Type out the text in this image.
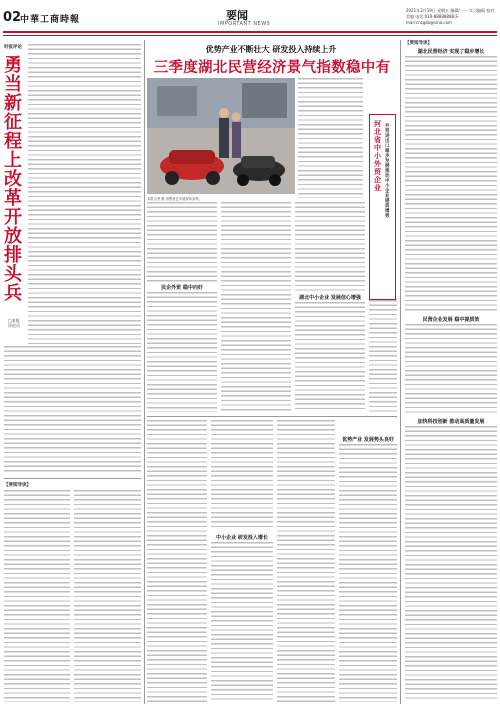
02
中華工商時報	要闻
IMPORTANT NEWS
2021年3月19日 星期五 编辑/一一 实习编辑 校对 美编 电话:010-88888888 E-mail:cnzgsb@sina.com
时报评论
勇当新征程上改革开放排头兵
□本报评论员
【要闻导读】
优势产业不断壮大 研发投入持续上升
三季度湖北民营经济景气指数稳中有
本报记者 摄 消费者在车展现场参观。
民企外贸 稳中向好
湖北中小企业 发展信心增强
河北省中小外贸企业
外贸进出口稳步发展 推动中小企业提质增效
中小企业 研发投入增长
优势产业 发展势头良好
【要闻导读】
湖北民营经济 实现了稳步增长
民营企业发展 稳中提质效
加快科技创新 推动高质量发展
